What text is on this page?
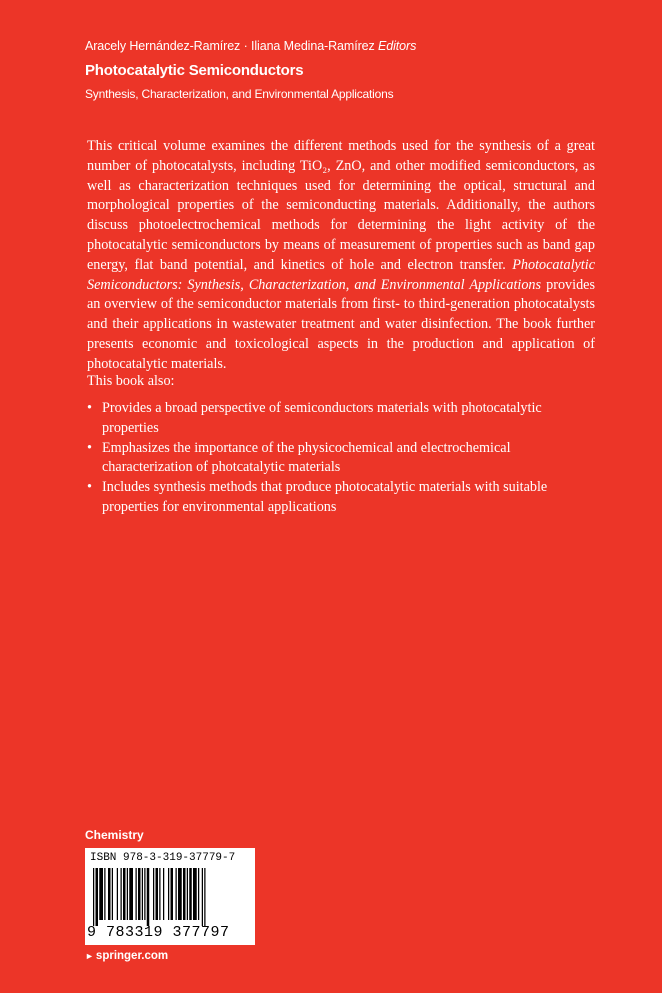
Aracely Hernández-Ramírez · Iliana Medina-Ramírez Editors
Photocatalytic Semiconductors
Synthesis, Characterization, and Environmental Applications

This critical volume examines the different methods used for the synthesis of a great number of photocatalysts, including TiO₂, ZnO, and other modified semiconductors, as well as characterization techniques used for determining the optical, structural and morphological properties of the semiconducting materials. Additionally, the authors discuss photoelectrochemical methods for determining the light activity of the photocatalytic semiconductors by means of measurement of properties such as band gap energy, flat band potential, and kinetics of hole and electron transfer. Photocatalytic Semiconductors: Synthesis, Characterization, and Environmental Applications provides an overview of the semiconductor materials from first- to third-generation photocatalysts and their applications in wastewater treatment and water disinfection. The book further presents economic and toxicological aspects in the production and application of photocatalytic materials.

This book also:
• Provides a broad perspective of semiconductors materials with photocatalytic properties
• Emphasizes the importance of the physicochemical and electrochemical characterization of photcatalytic materials
• Includes synthesis methods that produce photocatalytic materials with suitable properties for environmental applications
Chemistry
ISBN 978-3-319-37779-7
9 783319 377797
► springer.com
